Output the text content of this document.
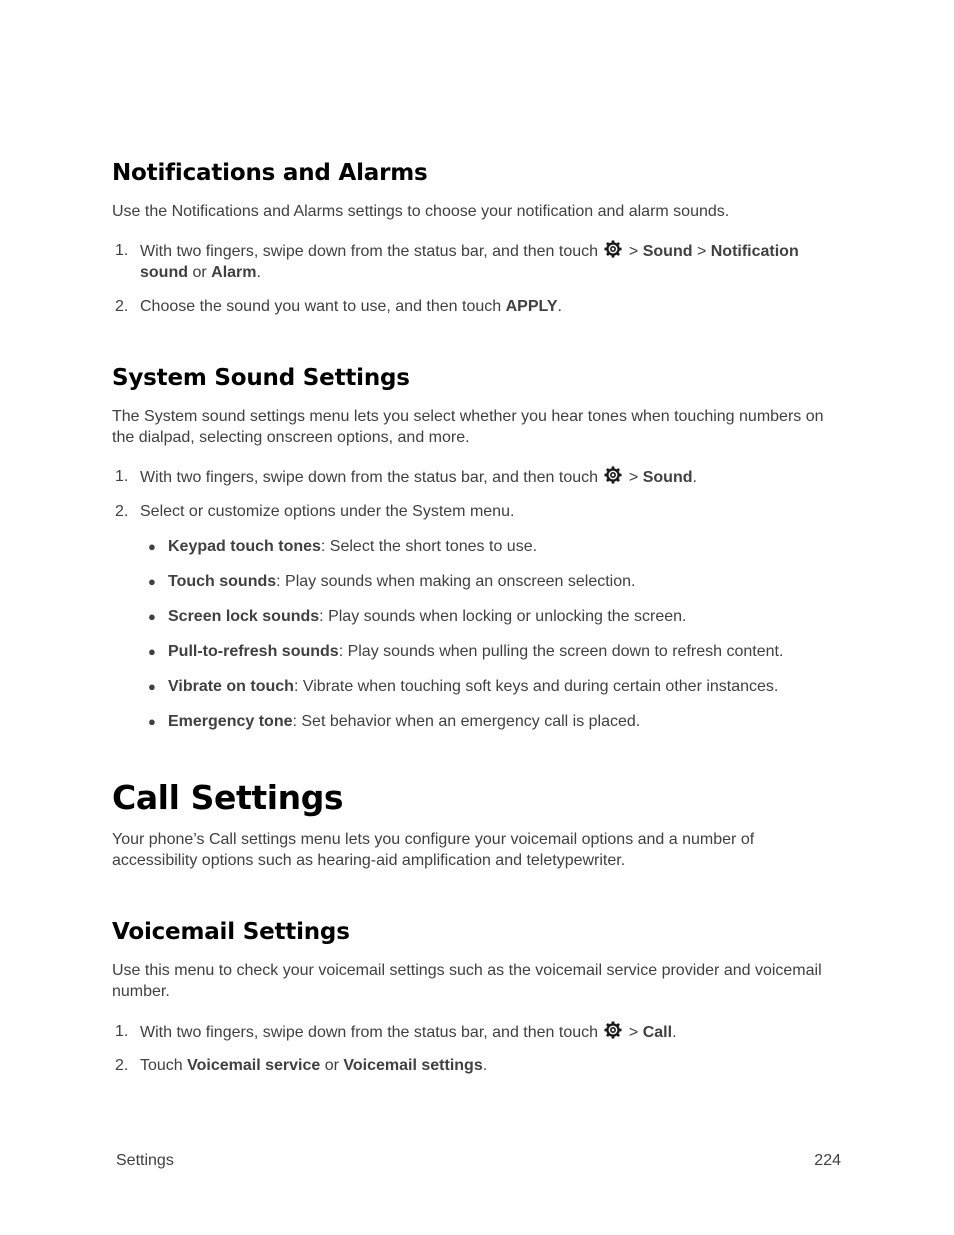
Notifications and Alarms

Use the Notifications and Alarms settings to choose your notification and alarm sounds.

1. With two fingers, swipe down from the status bar, and then touch > Sound > Notification
sound or Alarm.
2. Choose the sound you want to use, and then touch APPLY.
System Sound Settings

The System sound settings menu lets you select whether you hear tones when touching numbers on
the dialpad, selecting onscreen options, and more.

1. With two fingers, swipe down from the status bar, and then touch > Sound.
2. Select or customize options under the System menu.
● Keypad touch tones: Select the short tones to use.
● Touch sounds: Play sounds when making an onscreen selection.
● Screen lock sounds: Play sounds when locking or unlocking the screen.
● Pull-to-refresh sounds: Play sounds when pulling the screen down to refresh content.
● Vibrate on touch: Vibrate when touching soft keys and during certain other instances.
● Emergency tone: Set behavior when an emergency call is placed.
Call Settings

Your phone’s Call settings menu lets you configure your voicemail options and a number of
accessibility options such as hearing-aid amplification and teletypewriter.

Voicemail Settings

Use this menu to check your voicemail settings such as the voicemail service provider and voicemail
number.

1. With two fingers, swipe down from the status bar, and then touch > Call.
2. Touch Voicemail service or Voicemail settings.
Settings	224
